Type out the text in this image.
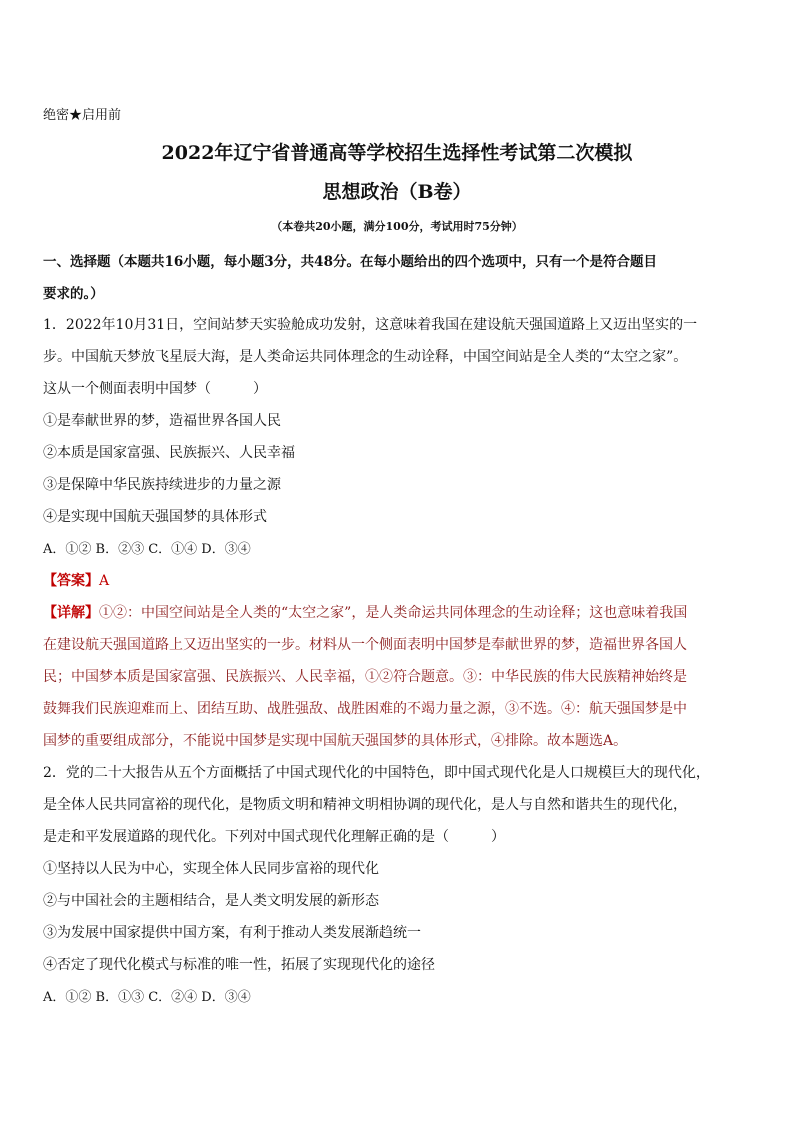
绝密★启用前
2022年辽宁省普通高等学校招生选择性考试第二次模拟
思想政治（B卷）
（本卷共20小题，满分100分，考试用时75分钟）
一、选择题（本题共16小题，每小题3分，共48分。在每小题给出的四个选项中，只有一个是符合题目
要求的。）
1．2022年10月31日，空间站梦天实验舱成功发射，这意味着我国在建设航天强国道路上又迈出坚实的一
步。中国航天梦放飞星辰大海，是人类命运共同体理念的生动诠释，中国空间站是全人类的“太空之家”。
这从一个侧面表明中国梦（　　　）
①是奉献世界的梦，造福世界各国人民
②本质是国家富强、民族振兴、人民幸福
③是保障中华民族持续进步的力量之源
④是实现中国航天强国梦的具体形式
A．①② B．②③ C．①④ D．③④
【答案】A
【详解】①②：中国空间站是全人类的“太空之家”，是人类命运共同体理念的生动诠释；这也意味着我国
在建设航天强国道路上又迈出坚实的一步。材料从一个侧面表明中国梦是奉献世界的梦，造福世界各国人
民；中国梦本质是国家富强、民族振兴、人民幸福，①②符合题意。③：中华民族的伟大民族精神始终是
鼓舞我们民族迎难而上、团结互助、战胜强敌、战胜困难的不竭力量之源，③不选。④：航天强国梦是中
国梦的重要组成部分，不能说中国梦是实现中国航天强国梦的具体形式，④排除。故本题选A。
2．党的二十大报告从五个方面概括了中国式现代化的中国特色，即中国式现代化是人口规模巨大的现代化，
是全体人民共同富裕的现代化，是物质文明和精神文明相协调的现代化，是人与自然和谐共生的现代化，
是走和平发展道路的现代化。下列对中国式现代化理解正确的是（　　　）
①坚持以人民为中心，实现全体人民同步富裕的现代化
②与中国社会的主题相结合，是人类文明发展的新形态
③为发展中国家提供中国方案，有利于推动人类发展渐趋统一
④否定了现代化模式与标准的唯一性，拓展了实现现代化的途径
A．①② B．①③ C．②④ D．③④
